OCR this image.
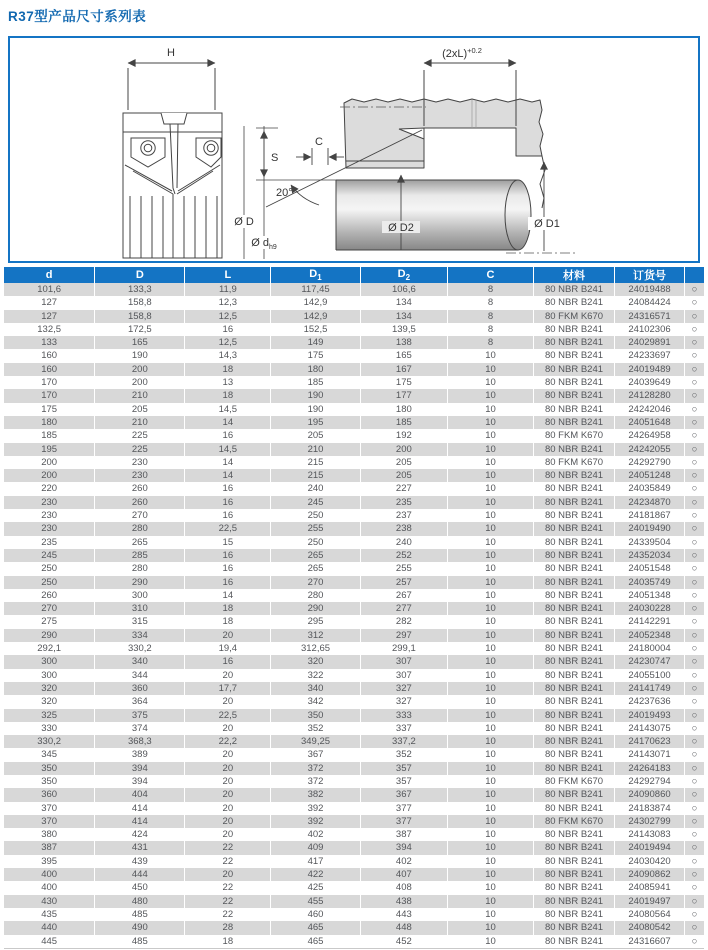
R37型产品尺寸系列表
H	$(2xL)^{+0.2}$
S
20°
C
Ø D
Ø $d_{h9}$
Ø D2	Ø D1
d	D	L	$D_1$	$D_2$	C	材料	订货号	
101,6	133,3	11,9	117,45	106,6	8	80 NBR B241	24019488	○
127	158,8	12,3	142,9	134	8	80 NBR B241	24084424	○
127	158,8	12,5	142,9	134	8	80 FKM K670	24316571	○
132,5	172,5	16	152,5	139,5	8	80 NBR B241	24102306	○
133	165	12,5	149	138	8	80 NBR B241	24029891	○
160	190	14,3	175	165	10	80 NBR B241	24233697	○
160	200	18	180	167	10	80 NBR B241	24019489	○
170	200	13	185	175	10	80 NBR B241	24039649	○
170	210	18	190	177	10	80 NBR B241	24128280	○
175	205	14,5	190	180	10	80 NBR B241	24242046	○
180	210	14	195	185	10	80 NBR B241	24051648	○
185	225	16	205	192	10	80 FKM K670	24264958	○
195	225	14,5	210	200	10	80 NBR B241	24242055	○
200	230	14	215	205	10	80 FKM K670	24292790	○
200	230	14	215	205	10	80 NBR B241	24051248	○
220	260	16	240	227	10	80 NBR B241	24035849	○
230	260	16	245	235	10	80 NBR B241	24234870	○
230	270	16	250	237	10	80 NBR B241	24181867	○
230	280	22,5	255	238	10	80 NBR B241	24019490	○
235	265	15	250	240	10	80 NBR B241	24339504	○
245	285	16	265	252	10	80 NBR B241	24352034	○
250	280	16	265	255	10	80 NBR B241	24051548	○
250	290	16	270	257	10	80 NBR B241	24035749	○
260	300	14	280	267	10	80 NBR B241	24051348	○
270	310	18	290	277	10	80 NBR B241	24030228	○
275	315	18	295	282	10	80 NBR B241	24142291	○
290	334	20	312	297	10	80 NBR B241	24052348	○
292,1	330,2	19,4	312,65	299,1	10	80 NBR B241	24180004	○
300	340	16	320	307	10	80 NBR B241	24230747	○
300	344	20	322	307	10	80 NBR B241	24055100	○
320	360	17,7	340	327	10	80 NBR B241	24141749	○
320	364	20	342	327	10	80 NBR B241	24237636	○
325	375	22,5	350	333	10	80 NBR B241	24019493	○
330	374	20	352	337	10	80 NBR B241	24143075	○
330,2	368,3	22,2	349,25	337,2	10	80 NBR B241	24170623	○
345	389	20	367	352	10	80 NBR B241	24143071	○
350	394	20	372	357	10	80 NBR B241	24264183	○
350	394	20	372	357	10	80 FKM K670	24292794	○
360	404	20	382	367	10	80 NBR B241	24090860	○
370	414	20	392	377	10	80 NBR B241	24183874	○
370	414	20	392	377	10	80 FKM K670	24302799	○
380	424	20	402	387	10	80 NBR B241	24143083	○
387	431	22	409	394	10	80 NBR B241	24019494	○
395	439	22	417	402	10	80 NBR B241	24030420	○
400	444	20	422	407	10	80 NBR B241	24090862	○
400	450	22	425	408	10	80 NBR B241	24085941	○
430	480	22	455	438	10	80 NBR B241	24019497	○
435	485	22	460	443	10	80 NBR B241	24080564	○
440	490	28	465	448	10	80 NBR B241	24080542	○
445	485	18	465	452	10	80 NBR B241	24316607	○
